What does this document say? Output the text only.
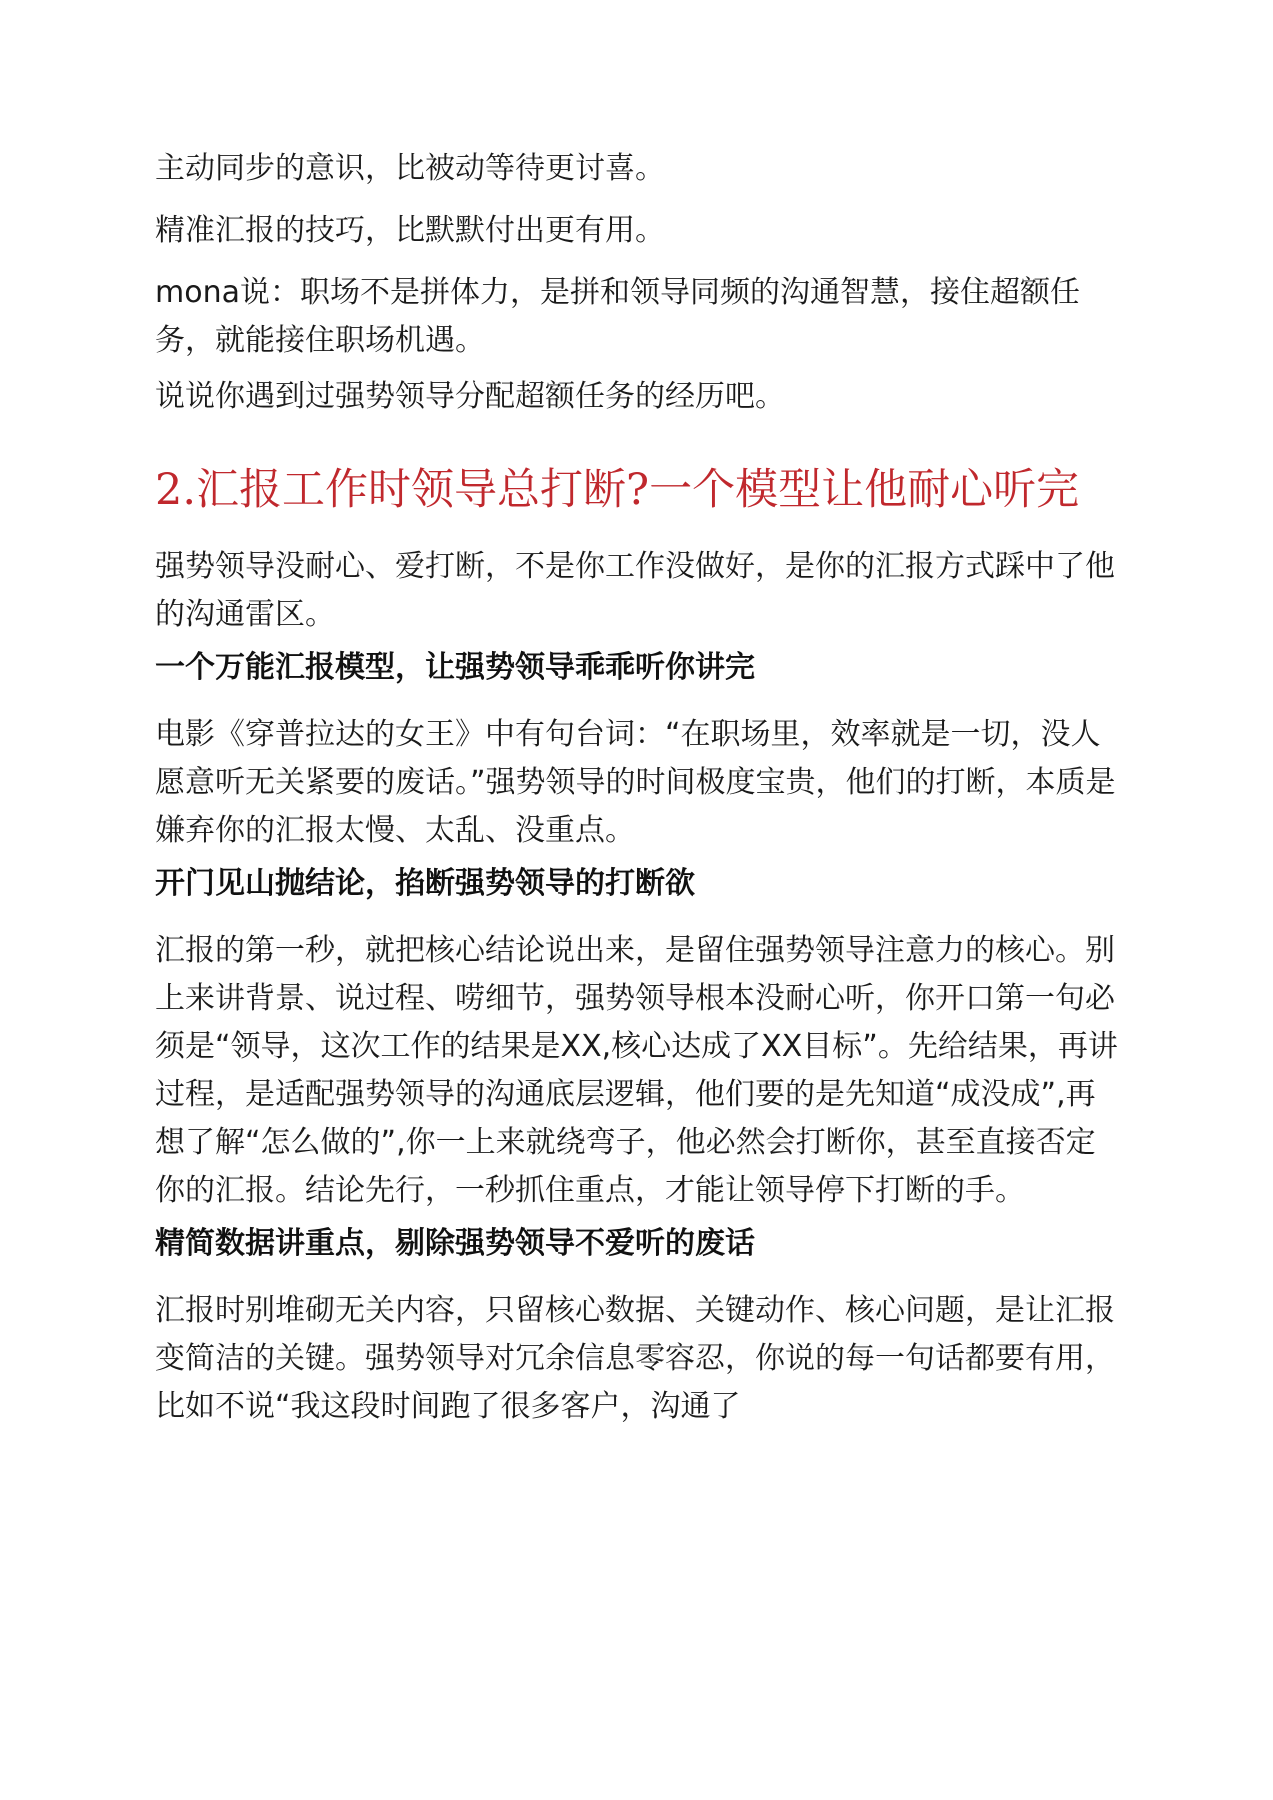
主动同步的意识，比被动等待更讨喜。

精准汇报的技巧，比默默付出更有用。

mona说：职场不是拼体力，是拼和领导同频的沟通智慧，接住超额任务，就能接住职场机遇。

说说你遇到过强势领导分配超额任务的经历吧。

2.汇报工作时领导总打断?一个模型让他耐心听完

强势领导没耐心、爱打断，不是你工作没做好，是你的汇报方式踩中了他的沟通雷区。

一个万能汇报模型，让强势领导乖乖听你讲完

电影《穿普拉达的女王》中有句台词：“在职场里，效率就是一切，没人愿意听无关紧要的废话。”强势领导的时间极度宝贵，他们的打断，本质是嫌弃你的汇报太慢、太乱、没重点。

开门见山抛结论，掐断强势领导的打断欲

汇报的第一秒，就把核心结论说出来，是留住强势领导注意力的核心。别上来讲背景、说过程、唠细节，强势领导根本没耐心听，你开口第一句必须是“领导，这次工作的结果是XX,核心达成了XX目标”。先给结果，再讲过程，是适配强势领导的沟通底层逻辑，他们要的是先知道“成没成”,再想了解“怎么做的”,你一上来就绕弯子，他必然会打断你，甚至直接否定你的汇报。结论先行，一秒抓住重点，才能让领导停下打断的手。

精简数据讲重点，剔除强势领导不爱听的废话

汇报时别堆砌无关内容，只留核心数据、关键动作、核心问题，是让汇报变简洁的关键。强势领导对冗余信息零容忍，你说的每一句话都要有用，比如不说“我这段时间跑了很多客户，沟通了
